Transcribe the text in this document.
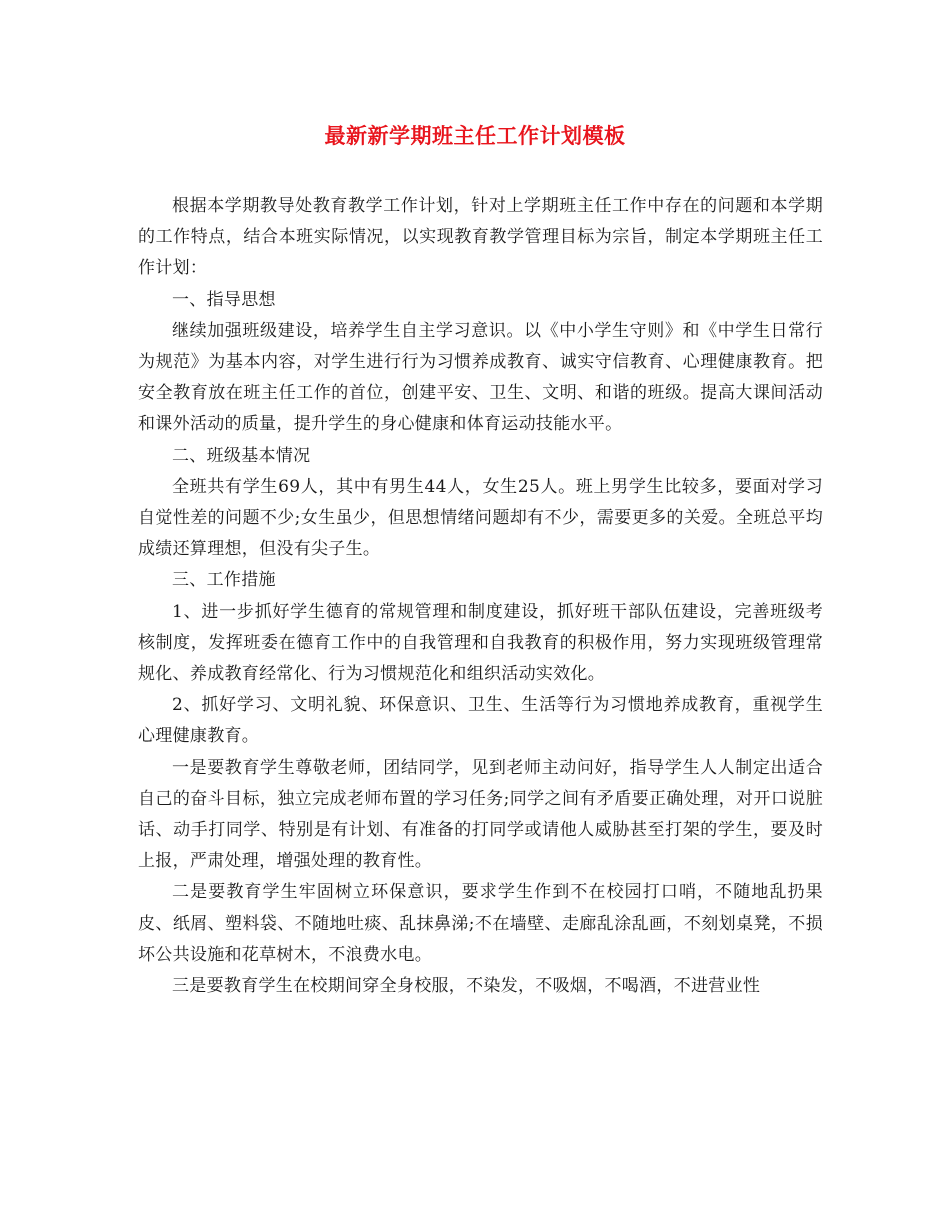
最新新学期班主任工作计划模板

根据本学期教导处教育教学工作计划，针对上学期班主任工作中存在的问题和本学期的工作特点，结合本班实际情况，以实现教育教学管理目标为宗旨，制定本学期班主任工作计划：

一、指导思想

继续加强班级建设，培养学生自主学习意识。以《中小学生守则》和《中学生日常行为规范》为基本内容，对学生进行行为习惯养成教育、诚实守信教育、心理健康教育。把安全教育放在班主任工作的首位，创建平安、卫生、文明、和谐的班级。提高大课间活动和课外活动的质量，提升学生的身心健康和体育运动技能水平。

二、班级基本情况

全班共有学生69人，其中有男生44人，女生25人。班上男学生比较多，要面对学习自觉性差的问题不少;女生虽少，但思想情绪问题却有不少，需要更多的关爱。全班总平均成绩还算理想，但没有尖子生。

三、工作措施

1、进一步抓好学生德育的常规管理和制度建设，抓好班干部队伍建设，完善班级考核制度，发挥班委在德育工作中的自我管理和自我教育的积极作用，努力实现班级管理常规化、养成教育经常化、行为习惯规范化和组织活动实效化。

2、抓好学习、文明礼貌、环保意识、卫生、生活等行为习惯地养成教育，重视学生心理健康教育。

一是要教育学生尊敬老师，团结同学，见到老师主动问好，指导学生人人制定出适合自己的奋斗目标，独立完成老师布置的学习任务;同学之间有矛盾要正确处理，对开口说脏话、动手打同学、特别是有计划、有准备的打同学或请他人威胁甚至打架的学生，要及时上报，严肃处理，增强处理的教育性。

二是要教育学生牢固树立环保意识，要求学生作到不在校园打口哨，不随地乱扔果皮、纸屑、塑料袋、不随地吐痰、乱抹鼻涕;不在墙壁、走廊乱涂乱画，不刻划桌凳，不损坏公共设施和花草树木，不浪费水电。

三是要教育学生在校期间穿全身校服，不染发，不吸烟，不喝酒，不进营业性
